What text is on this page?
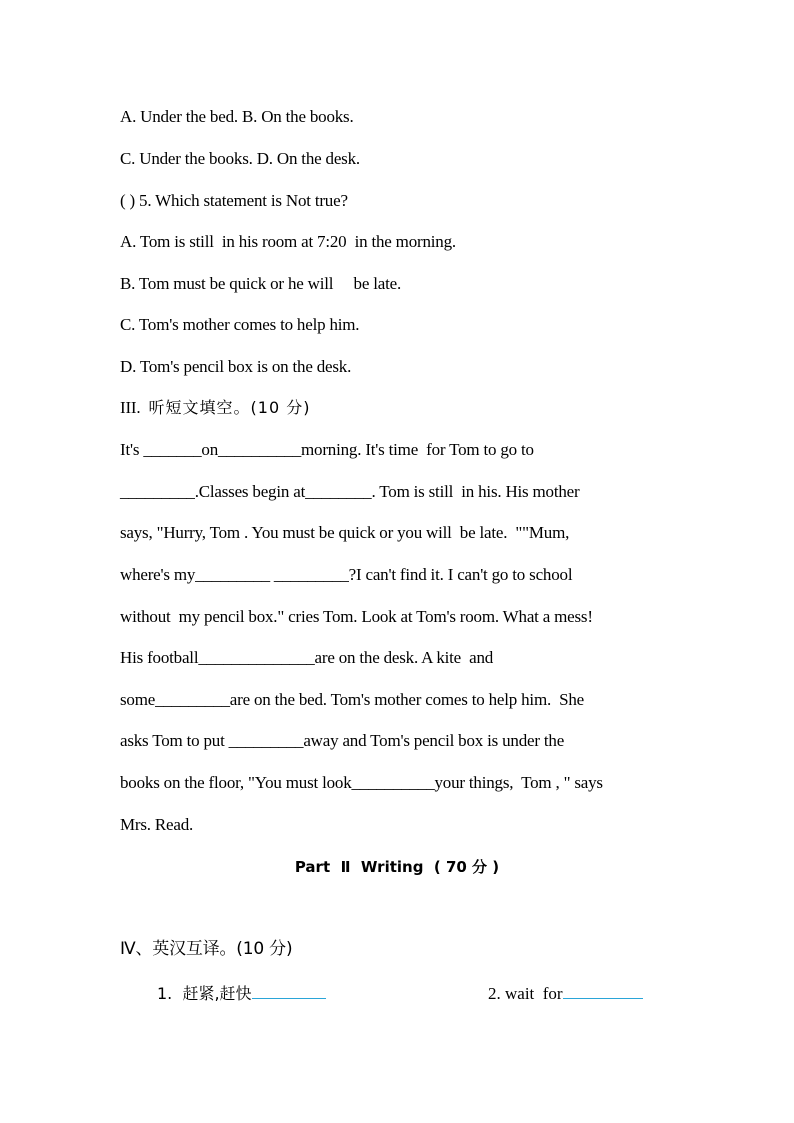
A. Under the bed. B. On the books.
C. Under the books. D. On the desk.
( ) 5. Which statement is Not true?
A. Tom is still  in his room at 7:20  in the morning.
B. Tom must be quick or he will     be late.
C. Tom's mother comes to help him.
D. Tom's pencil box is on the desk.
III. 听短文填空。(10 分)
It's _______on__________morning. It's time  for Tom to go to
_________.Classes begin at________. Tom is still  in his. His mother
says, "Hurry, Tom . You must be quick or you will  be late.  ""Mum,
where's my_________ _________?I can't find it. I can't go to school
without  my pencil box." cries Tom. Look at Tom's room. What a mess!
His football______________are on the desk. A kite  and
some_________are on the bed. Tom's mother comes to help him.  She
asks Tom to put _________away and Tom's pencil box is under the
books on the floor, "You must look__________your things,  Tom , " says
Mrs. Read.
Part  Ⅱ  Writing  ( 70 分 )
Ⅳ、英汉互译。(10 分)
1. 赶紧,赶快	2. wait  for
